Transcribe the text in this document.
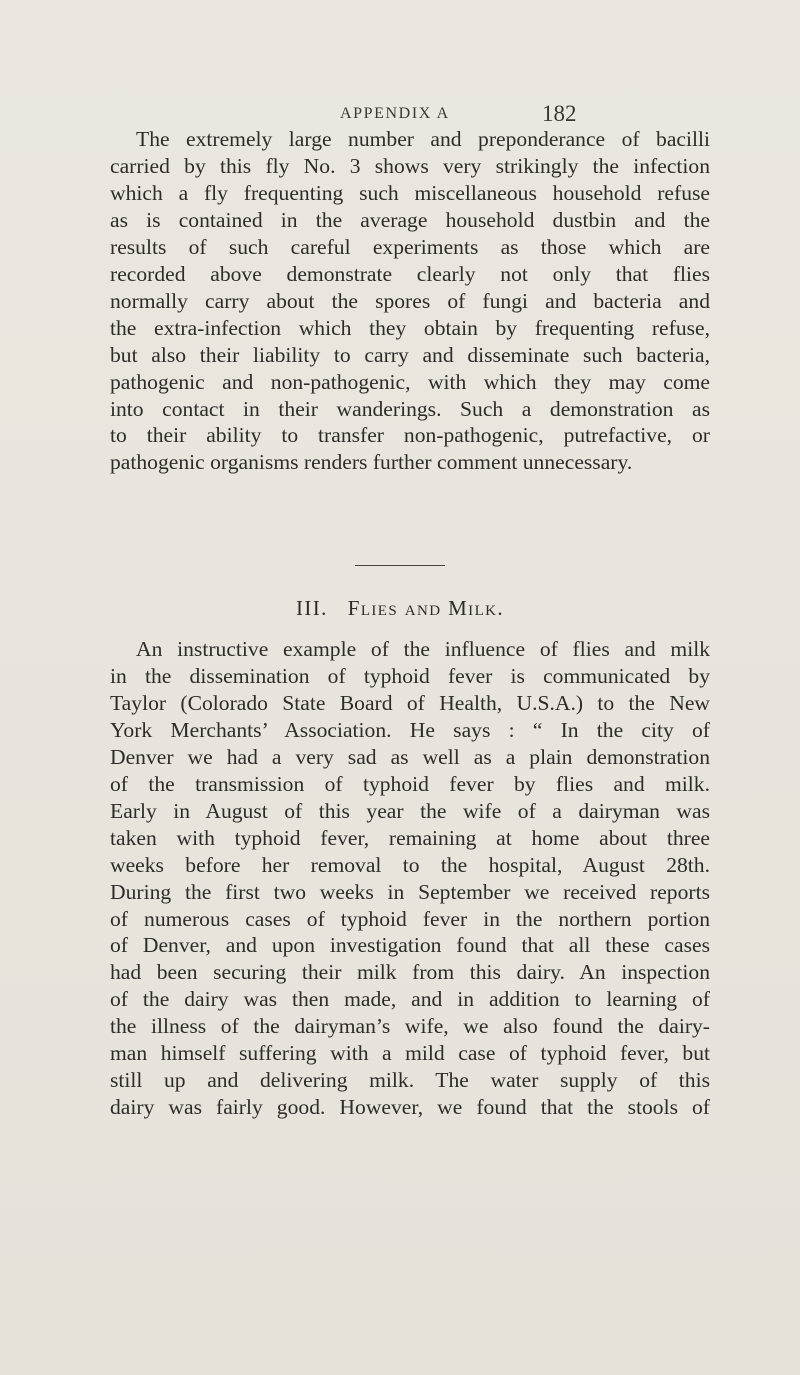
APPENDIX A	182

The extremely large number and preponderance of bacilli
carried by this fly No. 3 shows very strikingly the infection
which a fly frequenting such miscellaneous household refuse
as is contained in the average household dustbin and the
results of such careful experiments as those which are
recorded above demonstrate clearly not only that flies
normally carry about the spores of fungi and bacteria and
the extra-infection which they obtain by frequenting refuse,
but also their liability to carry and disseminate such bacteria,
pathogenic and non-pathogenic, with which they may come
into contact in their wanderings. Such a demonstration as
to their ability to transfer non-pathogenic, putrefactive, or
pathogenic organisms renders further comment unnecessary.

III. Flies and Milk.

An instructive example of the influence of flies and milk
in the dissemination of typhoid fever is communicated by
Taylor (Colorado State Board of Health, U.S.A.) to the New
York Merchants’ Association. He says : “ In the city of
Denver we had a very sad as well as a plain demonstration
of the transmission of typhoid fever by flies and milk.
Early in August of this year the wife of a dairyman was
taken with typhoid fever, remaining at home about three
weeks before her removal to the hospital, August 28th.
During the first two weeks in September we received reports
of numerous cases of typhoid fever in the northern portion
of Denver, and upon investigation found that all these cases
had been securing their milk from this dairy. An inspection
of the dairy was then made, and in addition to learning of
the illness of the dairyman’s wife, we also found the dairy-
man himself suffering with a mild case of typhoid fever, but
still up and delivering milk. The water supply of this
dairy was fairly good. However, we found that the stools of
